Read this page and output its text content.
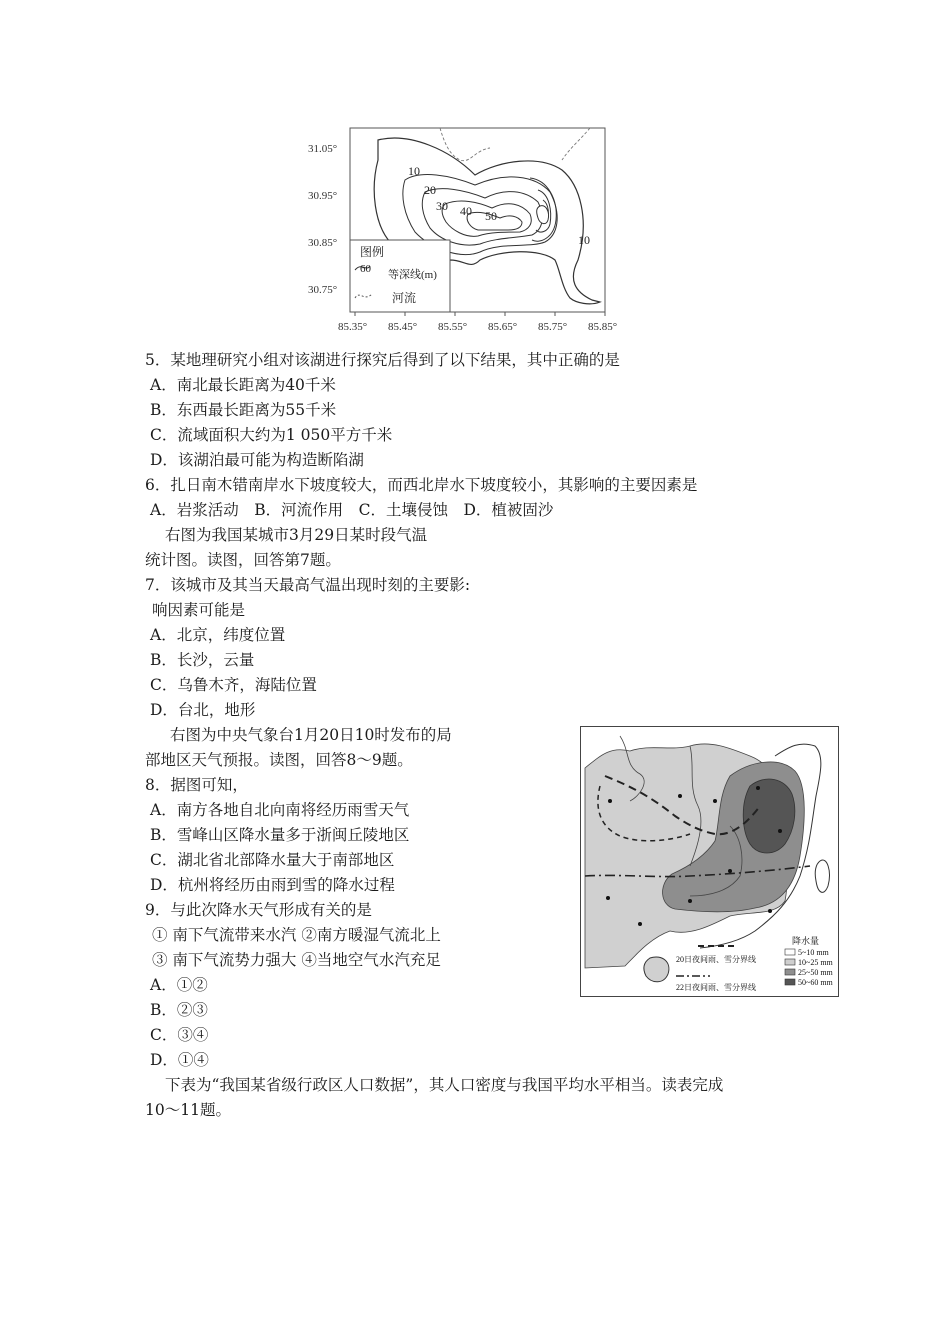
31.05°
30.95°
30.85°
30.75°
85.35° 85.45° 85.55° 85.65° 85.75° 85.85°
10
20
30 40 50
10
图例
60 等深线(m)
河流
5．某地理研究小组对该湖进行探究后得到了以下结果，其中正确的是
A．南北最长距离为40千米
B．东西最长距离为55千米
C．流域面积大约为1 050平方千米
D．该湖泊最可能为构造断陷湖
6．扎日南木错南岸水下坡度较大，而西北岸水下坡度较小，其影响的主要因素是
A．岩浆活动　B．河流作用　C．土壤侵蚀　D．植被固沙
右图为我国某城市3月29日某时段气温
统计图。读图，回答第7题。
7．该城市及其当天最高气温出现时刻的主要影:
响因素可能是
A．北京，纬度位置
B．长沙，云量
C．乌鲁木齐，海陆位置
D．台北，地形
右图为中央气象台1月20日10时发布的局
部地区天气预报。读图，回答8～9题。
8．据图可知，
A．南方各地自北向南将经历雨雪天气
B．雪峰山区降水量多于浙闽丘陵地区
C．湖北省北部降水量大于南部地区
D．杭州将经历由雨到雪的降水过程
9．与此次降水天气形成有关的是
① 南下气流带来水汽 ②南方暖湿气流北上
③ 南下气流势力强大 ④当地空气水汽充足
A．①②
B．②③
C．③④
D．①④
下表为“我国某省级行政区人口数据”，其人口密度与我国平均水平相当。读表完成
10～11题。
降水量
5~10 mm
10~25 mm
25~50 mm
50~60 mm
20日夜间雨、雪分界线
22日夜间雨、雪分界线
